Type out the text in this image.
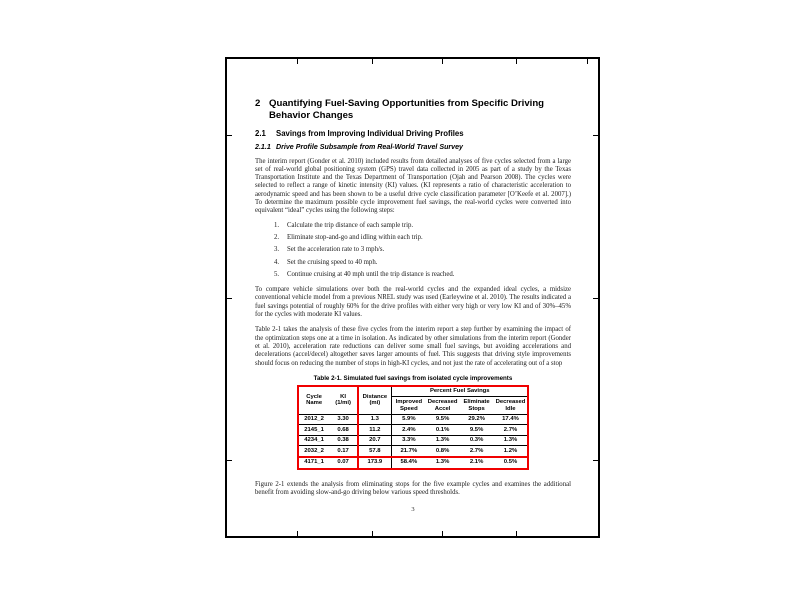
2 Quantifying Fuel-Saving Opportunities from Specific Driving Behavior Changes
2.1	Savings from Improving Individual Driving Profiles
2.1.1 Drive Profile Subsample from Real-World Travel Survey

The interim report (Gonder et al. 2010) included results from detailed analyses of five cycles selected from a large set of real-world global positioning system (GPS) travel data collected in 2005 as part of a study by the Texas Transportation Institute and the Texas Department of Transportation (Ojah and Pearson 2008). The cycles were selected to reflect a range of kinetic intensity (KI) values. (KI represents a ratio of characteristic acceleration to aerodynamic speed and has been shown to be a useful drive cycle classification parameter [O’Keefe et al. 2007].) To determine the maximum possible cycle improvement fuel savings, the real-world cycles were converted into equivalent “ideal” cycles using the following steps:

1.	Calculate the trip distance of each sample trip.
2.	Eliminate stop-and-go and idling within each trip.
3.	Set the acceleration rate to 3 mph/s.
4.	Set the cruising speed to 40 mph.
5.	Continue cruising at 40 mph until the trip distance is reached.

To compare vehicle simulations over both the real-world cycles and the expanded ideal cycles, a midsize conventional vehicle model from a previous NREL study was used (Earleywine et al. 2010). The results indicated a fuel savings potential of roughly 60% for the drive profiles with either very high or very low KI and of 30%–45% for the cycles with moderate KI values.

Table 2-1 takes the analysis of these five cycles from the interim report a step further by examining the impact of the optimization steps one at a time in isolation. As indicated by other simulations from the interim report (Gonder et al. 2010), acceleration rate reductions can deliver some small fuel savings, but avoiding accelerations and decelerations (accel/decel) altogether saves larger amounts of fuel. This suggests that driving style improvements should focus on reducing the number of stops in high-KI cycles, and not just the rate of accelerating out of a stop

Table 2-1. Simulated fuel savings from isolated cycle improvements
Cycle Name	KI (1/mi)	Distance (mi)	Percent Fuel Savings			
			Improved Speed	Decreased Accel	Eliminate Stops	Decreased Idle
2012_2	3.30	1.3	5.9%	9.5%	29.2%	17.4%
2145_1	0.68	11.2	2.4%	0.1%	9.5%	2.7%
4234_1	0.38	20.7	3.3%	1.3%	0.3%	1.3%
2032_2	0.17	57.8	21.7%	0.8%	2.7%	1.2%
4171_1	0.07	173.9	58.4%	1.3%	2.1%	0.5%

Figure 2-1 extends the analysis from eliminating stops for the five example cycles and examines the additional benefit from avoiding slow-and-go driving below various speed thresholds.

3
